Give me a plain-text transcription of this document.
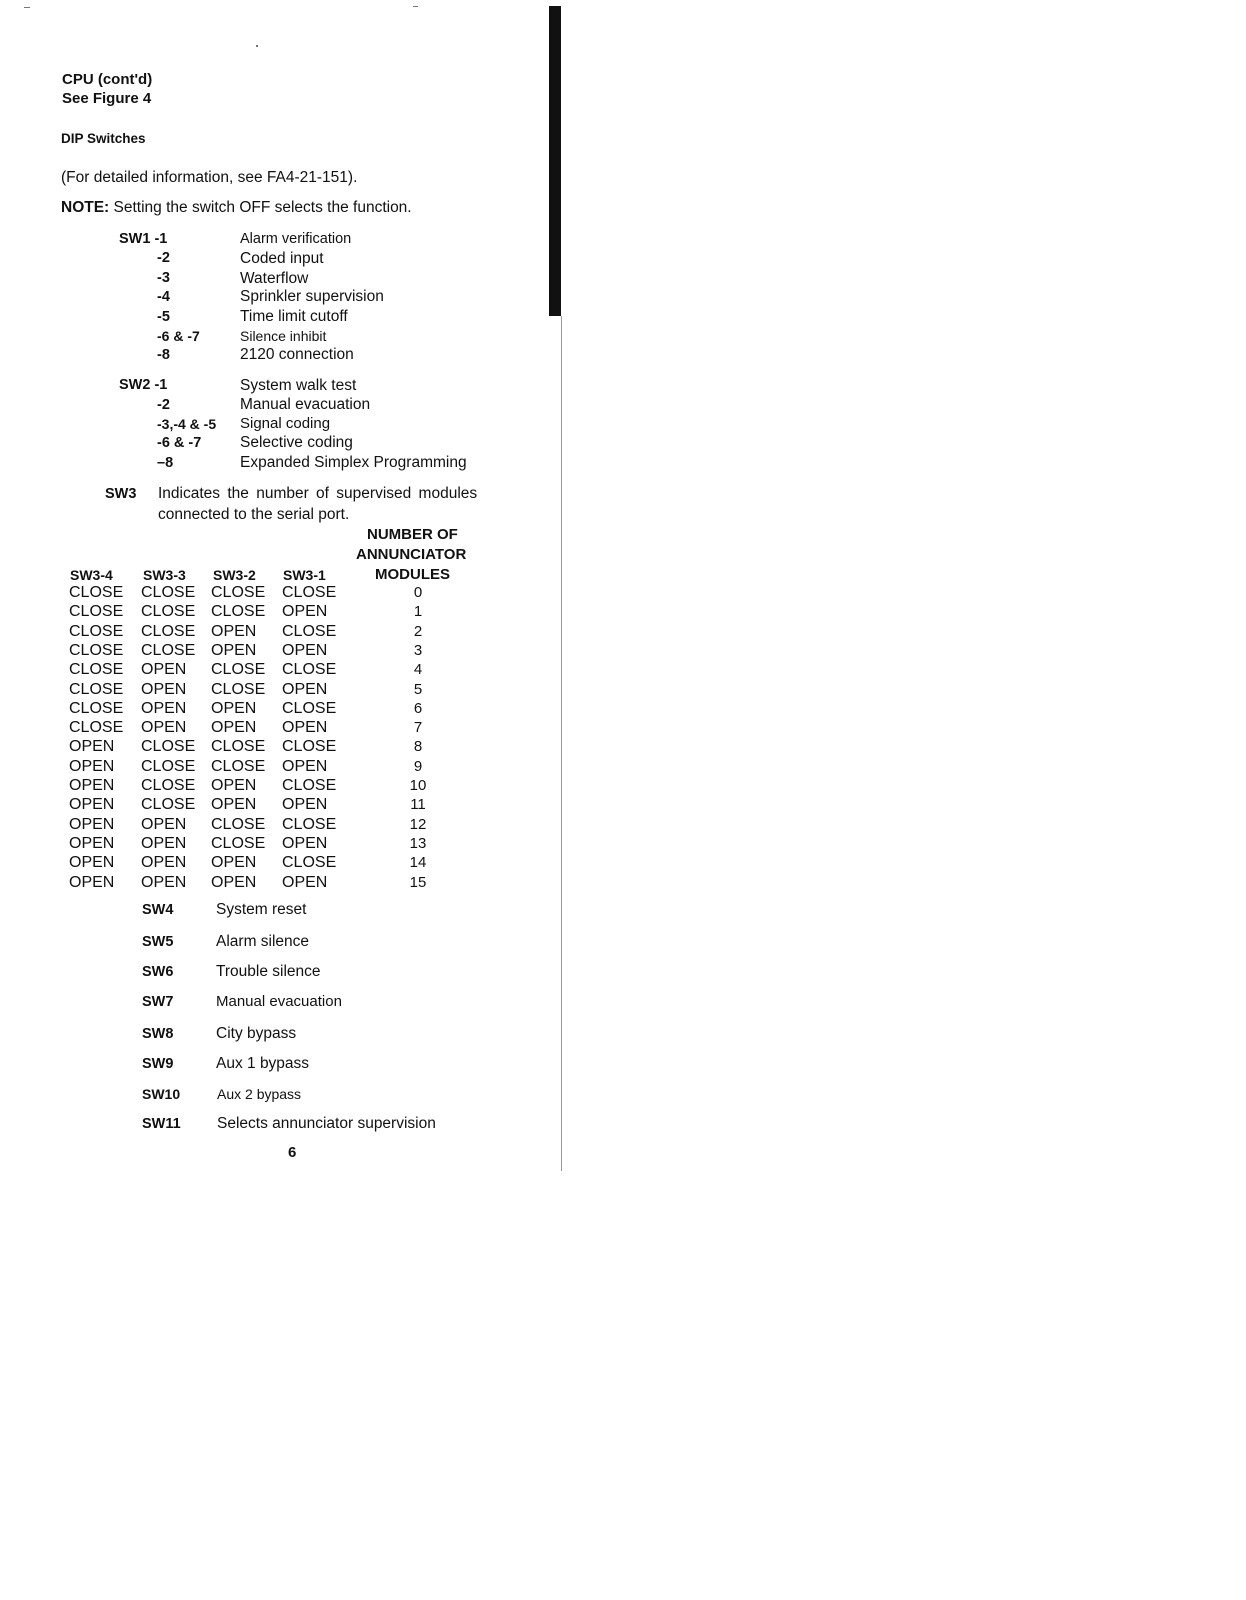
CPU (cont'd)
See Figure 4
DIP Switches
(For detailed information, see FA4-21-151).
NOTE: Setting the switch OFF selects the function.
SW1 -1	Alarm verification
-2	Coded input
-3	Waterflow
-4	Sprinkler supervision
-5	Time limit cutoff
-6 & -7	Silence inhibit
-8	2120 connection
SW2 -1	System walk test
-2	Manual evacuation
-3,-4 & -5 Signal coding
-6 & -7 Selective coding
–8	Expanded Simplex Programming
SW3 Indicates the number of supervised modules
connected to the serial port.
NUMBER OF
ANNUNCIATOR
MODULES
SW3-4 SW3-3 SW3-2 SW3-1
CLOSE CLOSE CLOSE CLOSE	0
CLOSE CLOSE CLOSE OPEN	1
CLOSE CLOSE OPEN CLOSE	2
CLOSE CLOSE OPEN OPEN	3
CLOSE OPEN CLOSE CLOSE	4
CLOSE OPEN CLOSE OPEN	5
CLOSE OPEN OPEN CLOSE	6
CLOSE OPEN OPEN OPEN	7
OPEN CLOSE CLOSE CLOSE	8
OPEN CLOSE CLOSE OPEN	9
OPEN CLOSE OPEN CLOSE	10
OPEN CLOSE OPEN OPEN	11
OPEN OPEN CLOSE CLOSE	12
OPEN OPEN CLOSE OPEN	13
OPEN OPEN OPEN CLOSE	14
OPEN OPEN OPEN OPEN	15
SW4	System reset
SW5	Alarm silence
SW6	Trouble silence
SW7	Manual evacuation
SW8	City bypass
SW9	Aux 1 bypass
SW10	Aux 2 bypass
SW11 Selects annunciator supervision
6
